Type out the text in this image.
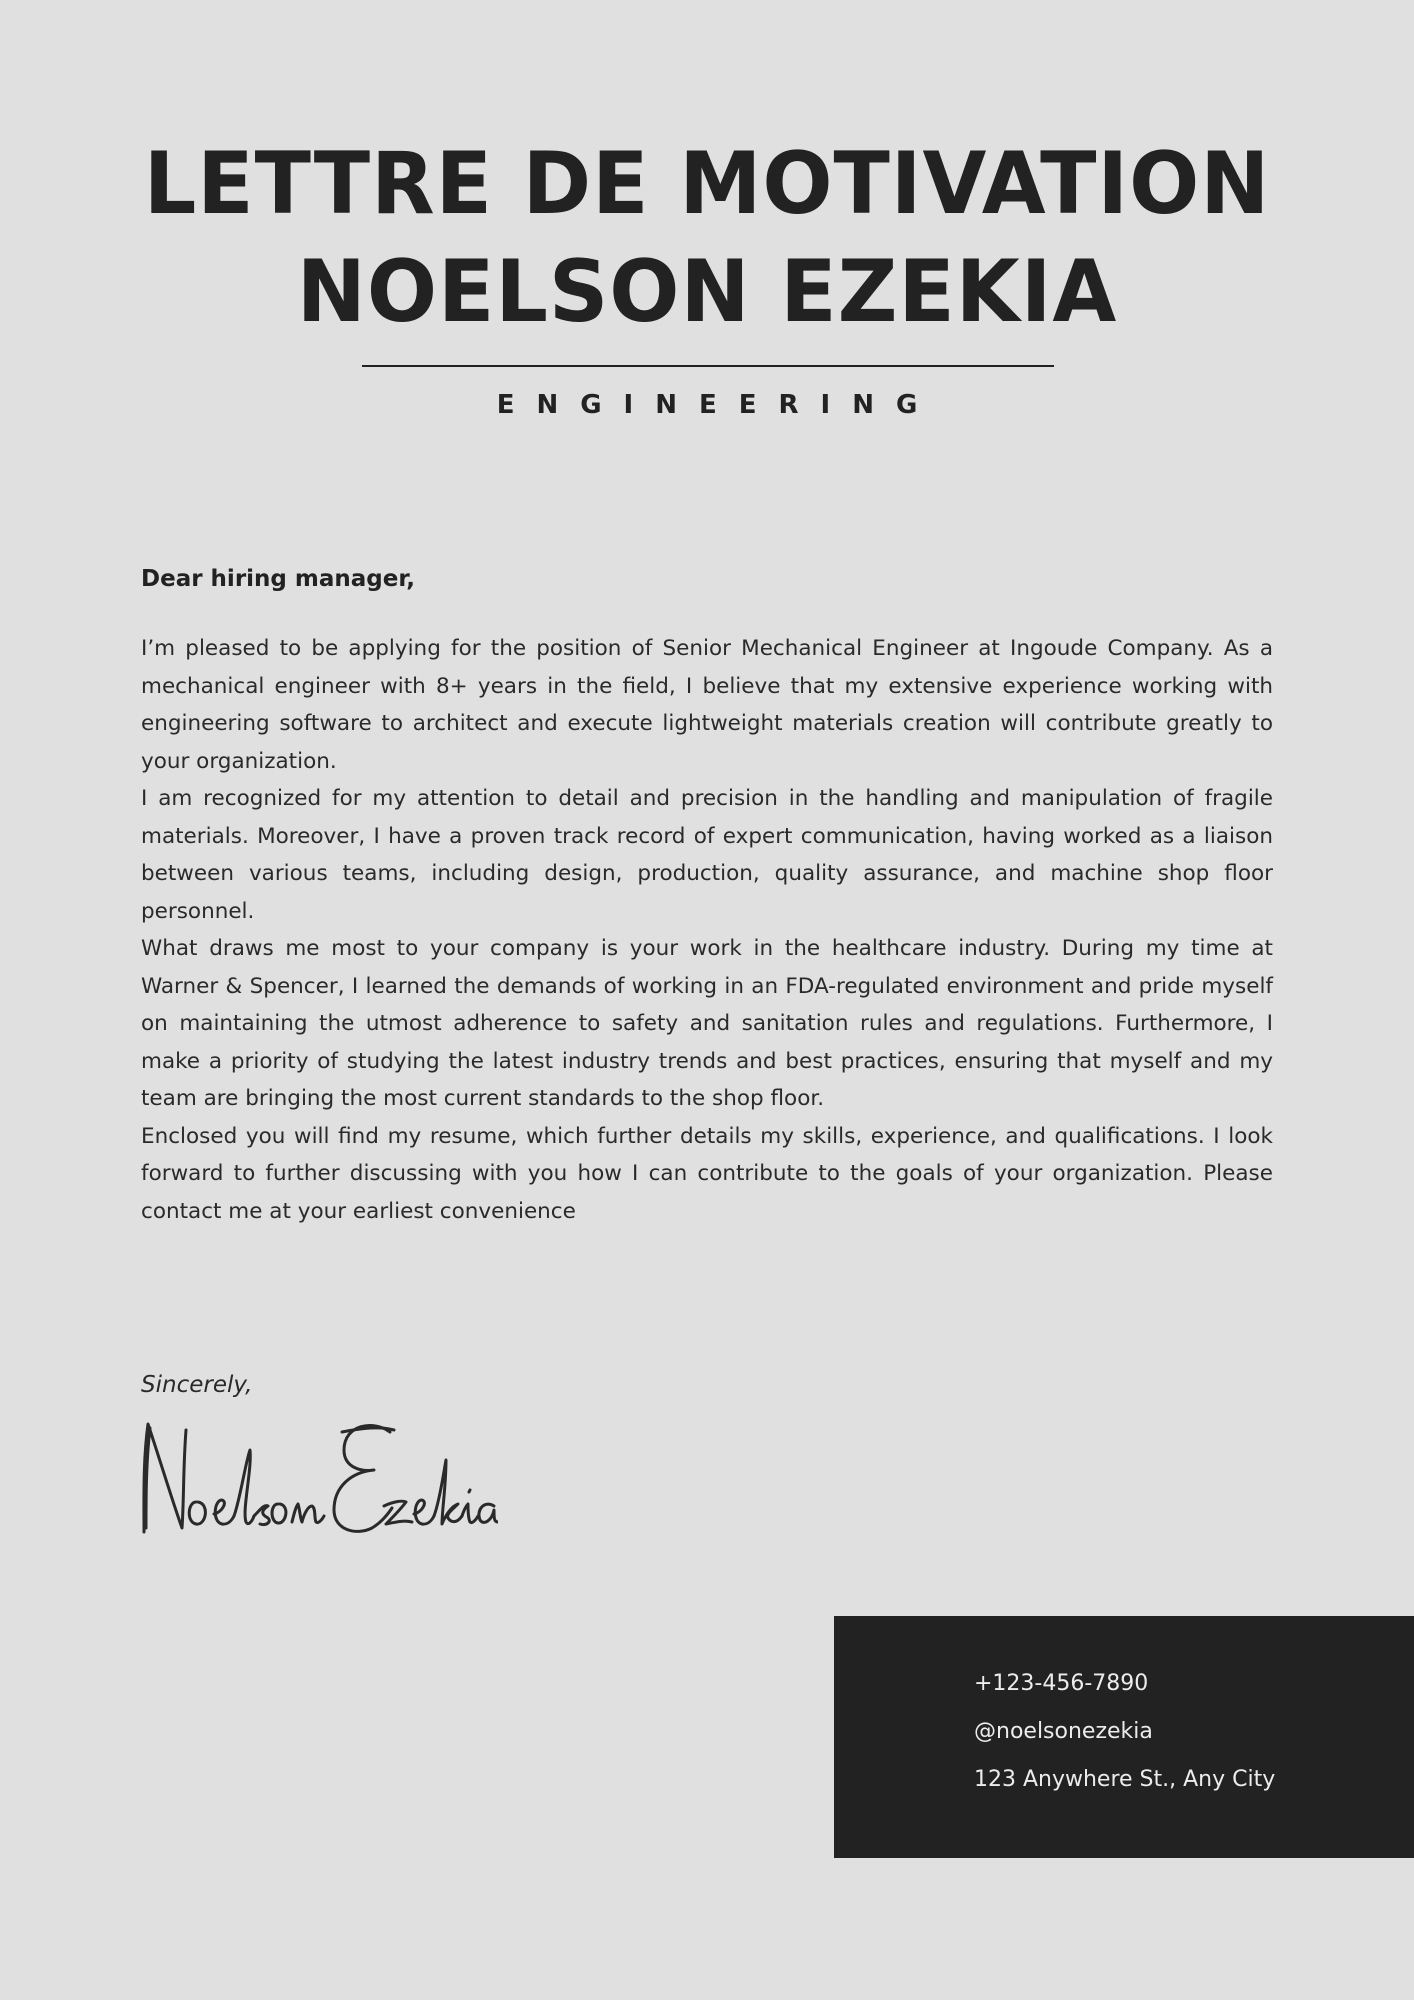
LETTRE DE MOTIVATION
NOELSON EZEKIA
ENGINEERING
Dear hiring manager,

I’m pleased to be applying for the position of Senior Mechanical Engineer at Ingoude Company. As a mechanical engineer with 8+ years in the field, I believe that my extensive experience working with engineering software to architect and execute lightweight materials creation will contribute greatly to your organization.

I am recognized for my attention to detail and precision in the handling and manipulation of fragile materials. Moreover, I have a proven track record of expert communication, having worked as a liaison between various teams, including design, production, quality assurance, and machine shop floor personnel.

What draws me most to your company is your work in the healthcare industry. During my time at Warner & Spencer, I learned the demands of working in an FDA-regulated environment and pride myself on maintaining the utmost adherence to safety and sanitation rules and regulations. Furthermore, I make a priority of studying the latest industry trends and best practices, ensuring that myself and my team are bringing the most current standards to the shop floor.

Enclosed you will find my resume, which further details my skills, experience, and qualifications. I look forward to further discussing with you how I can contribute to the goals of your organization. Please contact me at your earliest convenience

Sincerely,
+123-456-7890
@noelsonezekia
123 Anywhere St., Any City
